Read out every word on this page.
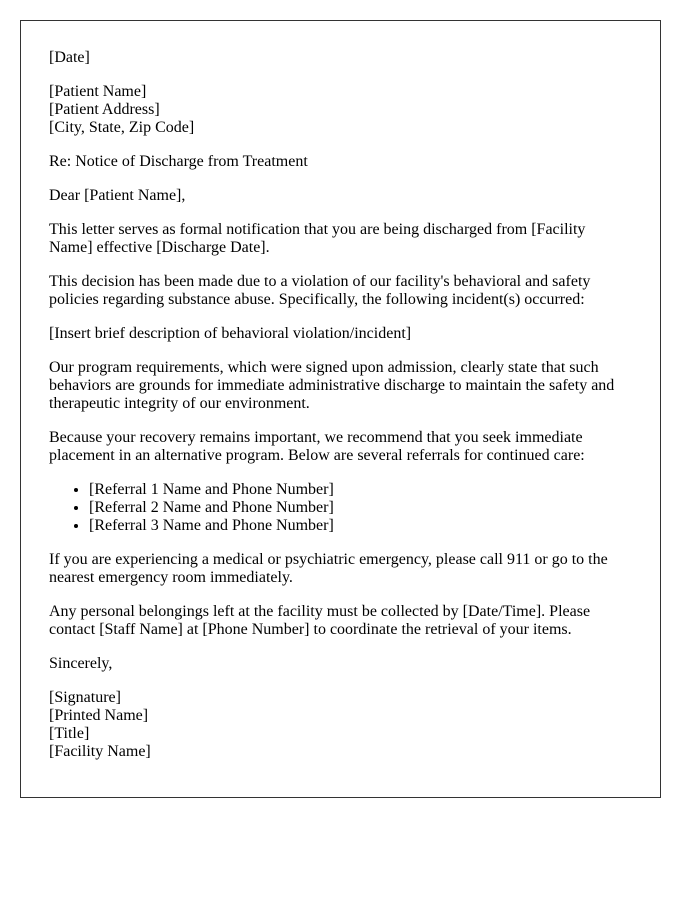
[Date]

[Patient Name]
[Patient Address]
[City, State, Zip Code]

Re: Notice of Discharge from Treatment

Dear [Patient Name],

This letter serves as formal notification that you are being discharged from [Facility Name] effective [Discharge Date].

This decision has been made due to a violation of our facility's behavioral and safety policies regarding substance abuse. Specifically, the following incident(s) occurred:

[Insert brief description of behavioral violation/incident]

Our program requirements, which were signed upon admission, clearly state that such behaviors are grounds for immediate administrative discharge to maintain the safety and therapeutic integrity of our environment.

Because your recovery remains important, we recommend that you seek immediate placement in an alternative program. Below are several referrals for continued care:

• [Referral 1 Name and Phone Number]
• [Referral 2 Name and Phone Number]
• [Referral 3 Name and Phone Number]

If you are experiencing a medical or psychiatric emergency, please call 911 or go to the nearest emergency room immediately.

Any personal belongings left at the facility must be collected by [Date/Time]. Please contact [Staff Name] at [Phone Number] to coordinate the retrieval of your items.

Sincerely,

[Signature]
[Printed Name]
[Title]
[Facility Name]
